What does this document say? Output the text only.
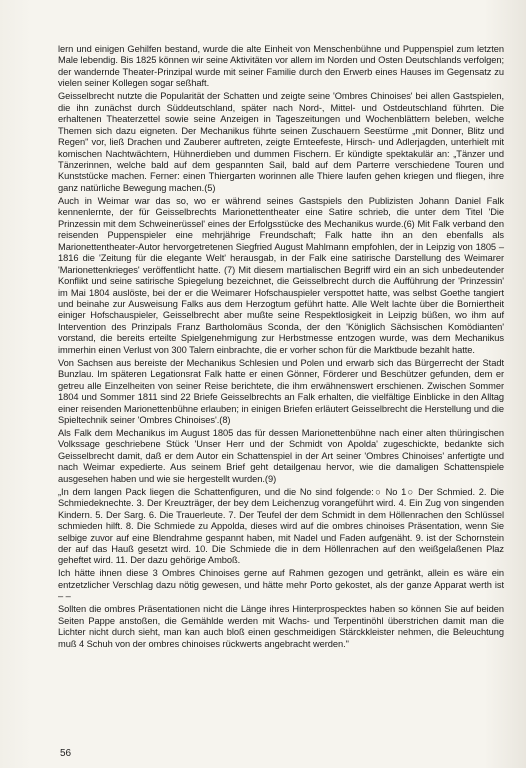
lern und einigen Gehilfen bestand, wurde die alte Einheit von Menschenbühne und Puppenspiel zum letzten Male lebendig. Bis 1825 können wir seine Aktivitäten vor allem im Norden und Osten Deutschlands verfolgen; der wandernde Theater-Prinzipal wurde mit seiner Familie durch den Erwerb eines Hauses im Gegensatz zu vielen seiner Kollegen sogar seßhaft.

Geisselbrecht nutzte die Popularität der Schatten und zeigte seine 'Ombres Chinoises' bei allen Gastspielen, die ihn zunächst durch Süddeutschland, später nach Nord-, Mittel- und Ostdeutschland führten. Die erhaltenen Theaterzettel sowie seine Anzeigen in Tageszeitungen und Wochenblättern beleben, welche Themen sich dazu eigneten. Der Mechanikus führte seinen Zuschauern Seestürme „mit Donner, Blitz und Regen" vor, ließ Drachen und Zauberer auftreten, zeigte Ernteefeste, Hirsch- und Adlerjagden, unterhielt mit komischen Nachtwächtern, Hühnerdieben und dummen Fischern. Er kündigte spektakulär an: „Tänzer und Tänzerinnen, welche bald auf dem gespannten Sail, bald auf dem Parterre verschiedene Touren und Kunststücke machen. Ferner: einen Thiergarten worinnen alle Thiere laufen gehen kriegen und fliegen, ihre ganz natürliche Bewegung machen.(5)

Auch in Weimar war das so, wo er während seines Gastspiels den Publizisten Johann Daniel Falk kennenlernte, der für Geisselbrechts Marionettentheater eine Satire schrieb, die unter dem Titel 'Die Prinzessin mit dem Schweinerüssel' eines der Erfolgsstücke des Mechanikus wurde.(6) Mit Falk verband den reisenden Puppenspieler eine mehrjährige Freundschaft; Falk hatte ihn an den ebenfalls als Marionettentheater-Autor hervorgetretenen Siegfried August Mahlmann empfohlen, der in Leipzig von 1805 – 1816 die 'Zeitung für die elegante Welt' herausgab, in der Falk eine satirische Darstellung des Weimarer 'Marionettenkrieges' veröffentlicht hatte. (7) Mit diesem martialischen Begriff wird ein an sich unbedeutender Konflikt und seine satirische Spiegelung bezeichnet, die Geisselbrecht durch die Aufführung der 'Prinzessin' im Mai 1804 auslöste, bei der er die Weimarer Hofschauspieler verspottet hatte, was selbst Goethe tangiert und beinahe zur Ausweisung Falks aus dem Herzogtum geführt hatte. Alle Welt lachte über die Borniertheit einiger Hofschauspieler, Geisselbrecht aber mußte seine Respektlosigkeit in Leipzig büßen, wo ihm auf Intervention des Prinzipals Franz Bartholomäus Sconda, der den 'Königlich Sächsischen Komödianten' vorstand, die bereits erteilte Spielgenehmigung zur Herbstmesse entzogen wurde, was dem Mechanikus immerhin einen Verlust von 300 Talern einbrachte, die er vorher schon für die Marktbude bezahlt hatte.

Von Sachsen aus bereiste der Mechanikus Schlesien und Polen und erwarb sich das Bürgerrecht der Stadt Bunzlau. Im späteren Legationsrat Falk hatte er einen Gönner, Förderer und Beschützer gefunden, dem er getreu alle Einzelheiten von seiner Reise berichtete, die ihm erwähnenswert erschienen. Zwischen Sommer 1804 und Sommer 1811 sind 22 Briefe Geisselbrechts an Falk erhalten, die vielfältige Einblicke in den Alltag einer reisenden Marionettenbühne erlauben; in einigen Briefen erläutert Geisselbrecht die Herstellung und die Spieltechnik seiner 'Ombres Chinoises'.(8)

Als Falk dem Mechanikus im August 1805 das für dessen Marionettenbühne nach einer alten thüringischen Volkssage geschriebene Stück 'Unser Herr und der Schmidt von Apolda' zugeschickte, bedankte sich Geisselbrecht damit, daß er dem Autor ein Schattenspiel in der Art seiner 'Ombres Chinoises' anfertigte und nach Weimar expedierte. Aus seinem Brief geht detailgenau hervor, wie die damaligen Schattenspiele ausgesehen haben und wie sie hergestellt wurden.(9)

„In dem langen Pack liegen die Schattenfiguren, und die No sind folgende:○ No 1○ Der Schmied. 2. Die Schmiedeknechte. 3. Der Kreuzträger, der bey dem Leichenzug vorangeführt wird. 4. Ein Zug von singenden Kindern. 5. Der Sarg. 6. Die Trauerleute. 7. Der Teufel der dem Schmidt in dem Höllenrachen den Schlüssel schmieden hilft. 8. Die Schmiede zu Appolda, dieses wird auf die ombres chinoises Präsentation, wenn Sie selbige zuvor auf eine Blendrahme gespannt haben, mit Nadel und Faden aufgenäht. 9. ist der Schornstein der auf das Hauß gesetzt wird. 10. Die Schmiede die in dem Höllenrachen auf den weißgelaßenen Plaz geheftet wird. 11. Der dazu gehörige Amboß.

Ich hätte ihnen diese 3 Ombres Chinoises gerne auf Rahmen gezogen und getränkt, allein es wäre ein entzetzlicher Verschlag dazu nötig gewesen, und hätte mehr Porto gekostet, als der ganze Apparat werth ist – –

Sollten die ombres Präsentationen nicht die Länge ihres Hinterprospecktes haben so können Sie auf beiden Seiten Pappe anstoßen, die Gemählde werden mit Wachs- und Terpentinöhl überstrichen damit man die Lichter nicht durch sieht, man kan auch bloß einen geschmeidigen Stärckkleister nehmen, die Beleuchtung muß 4 Schuh von der ombres chinoises rückwerts angebracht werden."

56
